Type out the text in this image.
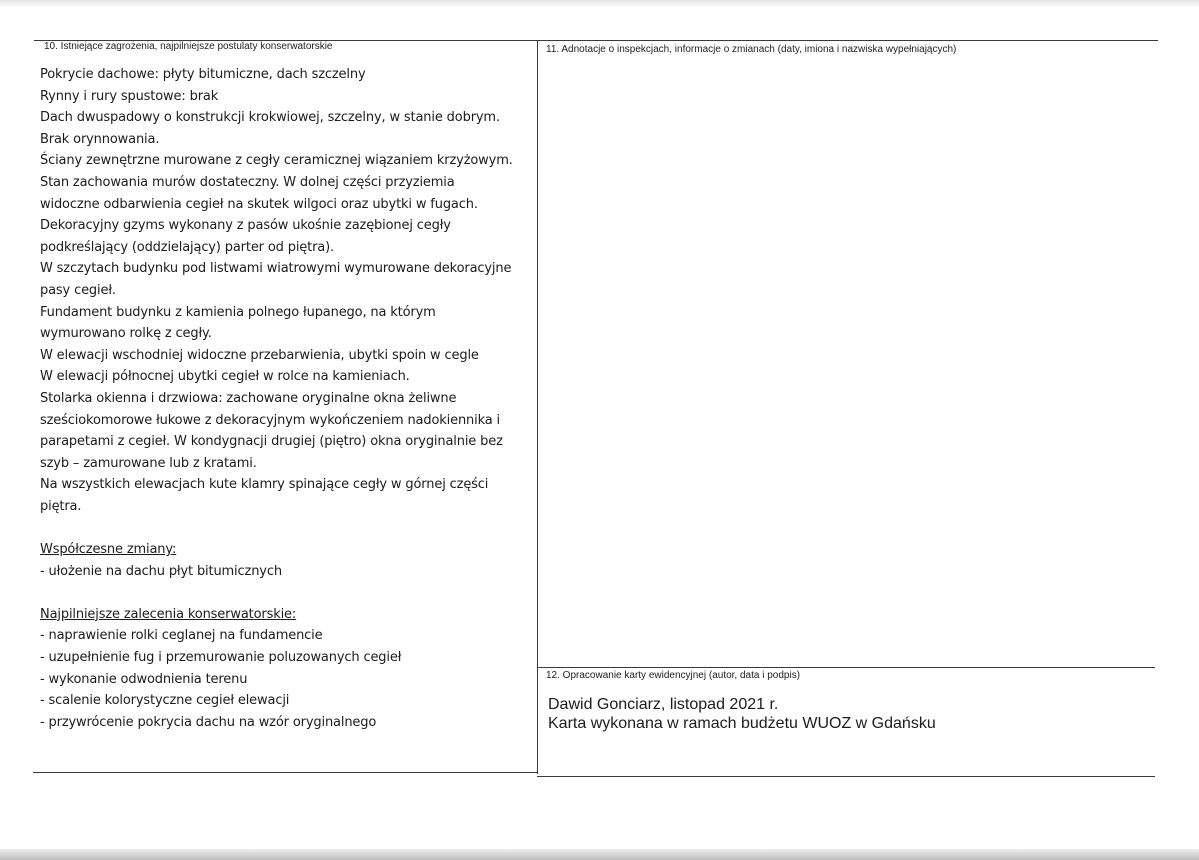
10. Istniejące zagrożenia, najpilniejsze postulaty konserwatorskie
Pokrycie dachowe: płyty bitumiczne, dach szczelny
Rynny i rury spustowe: brak
Dach dwuspadowy o konstrukcji krokwiowej, szczelny, w stanie dobrym.
Brak orynnowania.
Ściany zewnętrzne murowane z cegły ceramicznej wiązaniem krzyżowym.
Stan zachowania murów dostateczny. W dolnej części przyziemia
widoczne odbarwienia cegieł na skutek wilgoci oraz ubytki w fugach.
Dekoracyjny gzyms wykonany z pasów ukośnie zazębionej cegły
podkreślający (oddzielający) parter od piętra).
W szczytach budynku pod listwami wiatrowymi wymurowane dekoracyjne
pasy cegieł.
Fundament budynku z kamienia polnego łupanego, na którym
wymurowano rolkę z cegły.
W elewacji wschodniej widoczne przebarwienia, ubytki spoin w cegle
W elewacji północnej ubytki cegieł w rolce na kamieniach.
Stolarka okienna i drzwiowa: zachowane oryginalne okna żeliwne
sześciokomorowe łukowe z dekoracyjnym wykończeniem nadokiennika i
parapetami z cegieł. W kondygnacji drugiej (piętro) okna oryginalnie bez
szyb – zamurowane lub z kratami.
Na wszystkich elewacjach kute klamry spinające cegły w górnej części
piętra.
Współczesne zmiany:
- ułożenie na dachu płyt bitumicznych
Najpilniejsze zalecenia konserwatorskie:
- naprawienie rolki ceglanej na fundamencie
- uzupełnienie fug i przemurowanie poluzowanych cegieł
- wykonanie odwodnienia terenu
- scalenie kolorystyczne cegieł elewacji
- przywrócenie pokrycia dachu na wzór oryginalnego
11. Adnotacje o inspekcjach, informacje o zmianach (daty, imiona i nazwiska wypełniających)
12. Opracowanie karty ewidencyjnej (autor, data i podpis)
Dawid Gonciarz, listopad 2021 r.
Karta wykonana w ramach budżetu WUOZ w Gdańsku
